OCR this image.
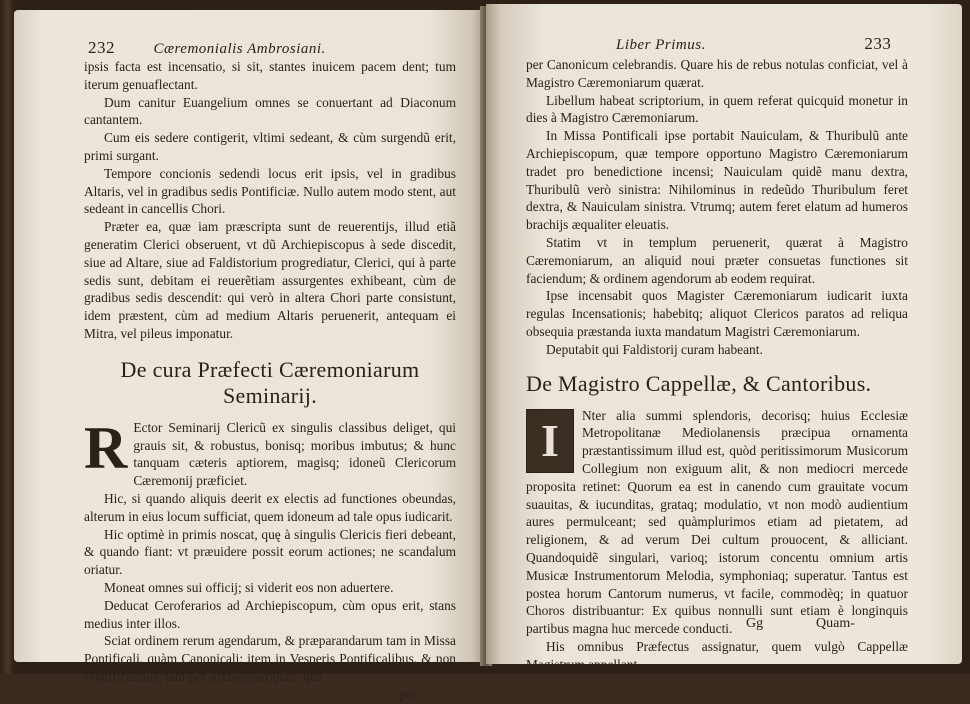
232	Cæremonialis Ambrosiani.

ipsis facta est incensatio, si sit, stantes inuicem pacem dent; tum iterum genuaflectant.

Dum canitur Euangelium omnes se conuertant ad Diaconum cantantem.

Cum eis sedere contigerit, vltimi sedeant, & cùm surgendũ erit, primi surgant.

Tempore concionis sedendi locus erit ipsis, vel in gradibus Altaris, vel in gradibus sedis Pontificiæ. Nullo autem modo stent, aut sedeant in cancellis Chori.

Præter ea, quæ iam præscripta sunt de reuerentijs, illud etiã generatim Clerici obseruent, vt dũ Archiepiscopus à sede discedit, siue ad Altare, siue ad Faldistorium progrediatur, Clerici, qui à parte sedis sunt, debitam ei reuerẽtiam assurgentes exhibeant, cùm de gradibus sedis descendit: qui verò in altera Chori parte consistunt, idem præstent, cùm ad medium Altaris peruenerit, antequam ei Mitra, vel pileus imponatur.

De cura Præfecti Cæremoniarum Seminarij.

R Ector Seminarij Clericũ ex singulis classibus deliget, qui grauis sit, & robustus, bonisq; moribus imbutus; & hunc tanquam cæteris aptiorem, magisq; idoneũ Clericorum Cæremonij præficiet.

Hic, si quando aliquis deerit ex electis ad functiones obeundas, alterum in eius locum sufficiat, quem idoneum ad tale opus iudicarit.

Hic optimè in primis noscat, quę à singulis Clericis fieri debeant, & quando fiant: vt præuidere possit eorum actiones; ne scandalum oriatur.

Moneat omnes sui officij; si viderit eos non aduertere.

Deducat Ceroferarios ad Archiepiscopum, cùm opus erit, stans medius inter illos.

Sciat ordinem rerum agendarum, & præparandarum tam in Missa Pontificali, quàm Canonicali; item in Vesperis Pontificalibus, & non Pontificalibus, tam per Archiepiscopum, quà

per

Liber Primus.	233

per Canonicum celebrandis. Quare his de rebus notulas conficiat, vel à Magistro Cæremoniarum quærat.

Libellum habeat scriptorium, in quem referat quicquid monetur in dies à Magistro Cæremoniarum.

In Missa Pontificali ipse portabit Nauiculam, & Thuribulũ ante Archiepiscopum, quæ tempore opportuno Magistro Cæremoniarum tradet pro benedictione incensi; Nauiculam quidẽ manu dextra, Thuribulũ verò sinistra: Nihilominus in redeũdo Thuribulum feret dextra, & Nauiculam sinistra. Vtrumq; autem feret elatum ad humeros brachijs æqualiter eleuatis.

Statim vt in templum peruenerit, quærat à Magistro Cæremoniarum, an aliquid noui præter consuetas functiones sit faciendum; & ordinem agendorum ab eodem requirat.

Ipse incensabit quos Magister Cæremoniarum iudicarit iuxta regulas Incensationis; habebitq; aliquot Clericos paratos ad reliqua obsequia præstanda iuxta mandatum Magistri Cæremoniarum.

Deputabit qui Faldistorij curam habeant.

De Magistro Cappellæ, & Cantoribus.

I	Nter alia summi splendoris, decorisq; huius Ecclesiæ Metropolitanæ Mediolanensis præcipua ornamenta præstantissimum illud est, quòd peritissimorum Musicorum Collegium non exiguum alit, & non mediocri mercede proposita retinet: Quorum ea est in canendo cum grauitate vocum suauitas, & iucunditas, grataq; modulatio, vt non modò audientium aures permulceant; sed quàmplurimos etiam ad pietatem, ad religionem, & ad verum Dei cultum prouocent, & alliciant. Quandoquidẽ singulari, varioq; istorum concentu omnium artis Musicæ Instrumentorum Melodia, symphoniaq; superatur. Tantus est postea horum Cantorum numerus, vt facile, commodèq; in quatuor Choros distribuantur: Ex quibus nonnulli sunt etiam è longinquis partibus magna huc mercede conducti.

His omnibus Præfectus assignatur, quem vulgò Cappellæ Magistrum appellant.

Gg	Quam-
